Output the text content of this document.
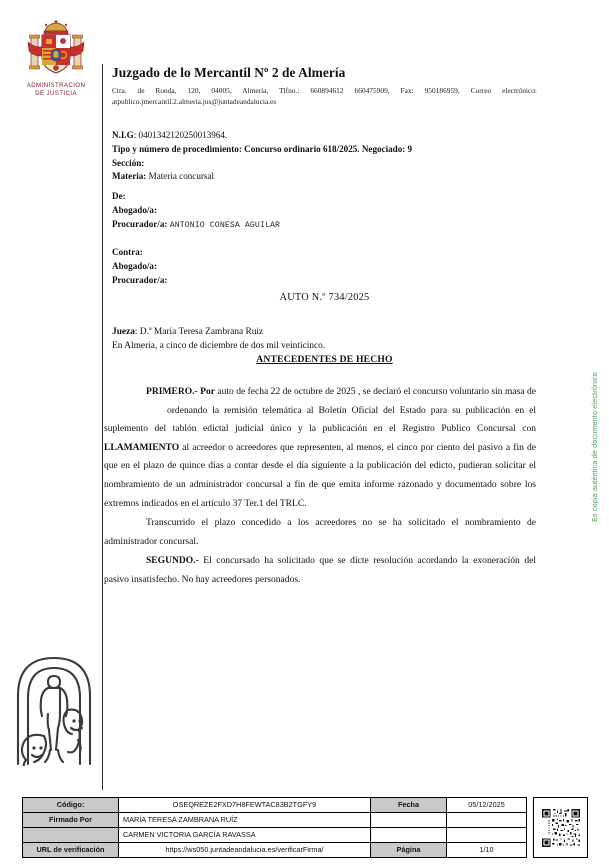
ADMINISTRACION
DE JUSTICIA
Juzgado de lo Mercantil Nº 2 de Almería
Ctra. de Ronda, 120, 04005, Almería, Tlfno.: 660894612 660475909, Fax: 950186959, Correo electrónico: atpublico.jmercantil.2.almeria.jus@juntadeandalucia.es
N.I.G: 0401342120250013964.
Tipo y número de procedimiento: Concurso ordinario 618/2025. Negociado: 9
Sección:
Materia: Materia concursal
De:
Abogado/a:
Procurador/a: ANTONIO CONESA AGUILAR
Contra:
Abogado/a:
Procurador/a:
AUTO N.º 734/2025
Jueza: D.ª María Teresa Zambrana Ruiz
En Almería, a cinco de diciembre de dos mil veinticinco.
ANTECEDENTES DE HECHO

PRIMERO.- Por auto de fecha 22 de octubre de 2025 , se declaró el concurso voluntario sin masa de  ordenando la remisión telemática al Boletín Oficial del Estado para su publicación en el suplemento del tablón edictal judicial único y la publicación en el Registro Publico Concursal con LLAMAMIENTO al acreedor o acreedores que representen, al menos, el cinco por ciento del pasivo a fin de que en el plazo de quince días a contar desde el día siguiente a la publicación del edicto, pudieran solicitar el nombramiento de un administrador concursal a fin de que emita informe razonado y documentado sobre los extremos indicados en el artículo 37 Ter.1 del TRLC.

Transcurrido el plazo concedido a los acreedores no se ha solicitado el nombramiento de administrador concursal.

SEGUNDO.- El concursado ha solicitado que se dicte resolución acordando la exoneración del pasivo insatisfecho. No hay acreedores personados.

Es copia auténtica de documento electrónico
Código:	OSEQREZE2FXD7H8FEWTAC83B2TGFY9	Fecha	05/12/2025
Firmado Por	MARÍA TERESA ZAMBRANA RUÍZ		
	CARMEN VICTORIA GARCÍA RAVASSA		
URL de verificación	https://ws050.juntadeandalucia.es/verificarFirma/	Página	1/10
